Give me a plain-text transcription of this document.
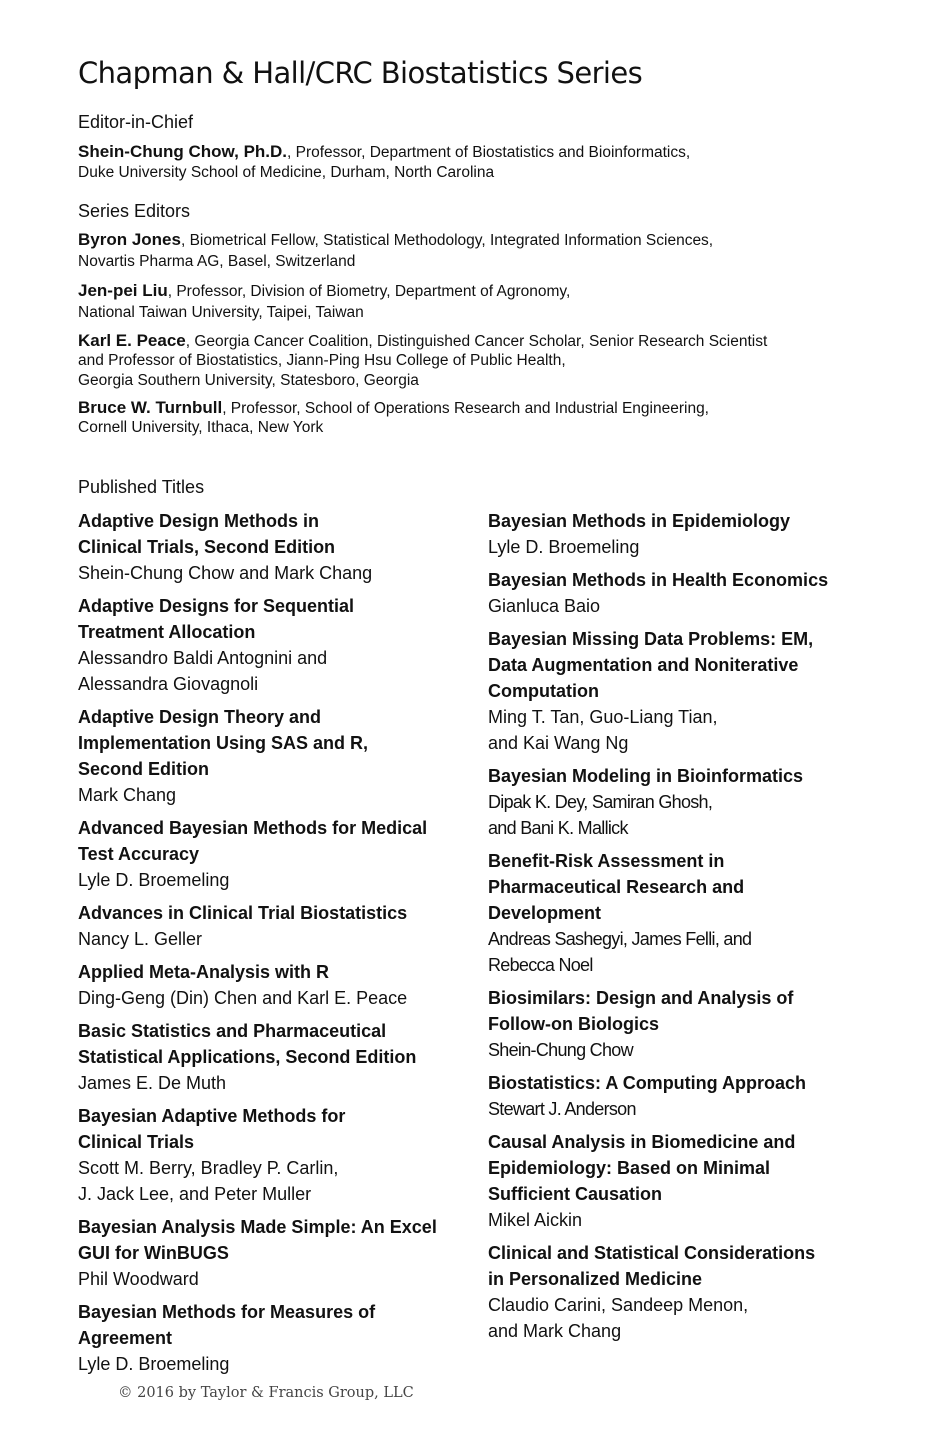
Chapman & Hall/CRC Biostatistics Series
Editor-in-Chief
Shein-Chung Chow, Ph.D., Professor, Department of Biostatistics and Bioinformatics,
Duke University School of Medicine, Durham, North Carolina
Series Editors
Byron Jones, Biometrical Fellow, Statistical Methodology, Integrated Information Sciences,
Novartis Pharma AG, Basel, Switzerland
Jen-pei Liu, Professor, Division of Biometry, Department of Agronomy,
National Taiwan University, Taipei, Taiwan
Karl E. Peace, Georgia Cancer Coalition, Distinguished Cancer Scholar, Senior Research Scientist
and Professor of Biostatistics, Jiann-Ping Hsu College of Public Health,
Georgia Southern University, Statesboro, Georgia
Bruce W. Turnbull, Professor, School of Operations Research and Industrial Engineering,
Cornell University, Ithaca, New York
Published Titles
Adaptive Design Methods in
Clinical Trials, Second Edition
Shein-Chung Chow and Mark Chang
Adaptive Designs for Sequential
Treatment Allocation
Alessandro Baldi Antognini and
Alessandra Giovagnoli
Adaptive Design Theory and
Implementation Using SAS and R,
Second Edition
Mark Chang
Advanced Bayesian Methods for Medical
Test Accuracy
Lyle D. Broemeling
Advances in Clinical Trial Biostatistics
Nancy L. Geller
Applied Meta-Analysis with R
Ding-Geng (Din) Chen and Karl E. Peace
Basic Statistics and Pharmaceutical
Statistical Applications, Second Edition
James E. De Muth
Bayesian Adaptive Methods for
Clinical Trials
Scott M. Berry, Bradley P. Carlin,
J. Jack Lee, and Peter Muller
Bayesian Analysis Made Simple: An Excel
GUI for WinBUGS
Phil Woodward
Bayesian Methods for Measures of
Agreement
Lyle D. Broemeling
Bayesian Methods in Epidemiology
Lyle D. Broemeling
Bayesian Methods in Health Economics
Gianluca Baio
Bayesian Missing Data Problems: EM,
Data Augmentation and Noniterative
Computation
Ming T. Tan, Guo-Liang Tian,
and Kai Wang Ng
Bayesian Modeling in Bioinformatics
Dipak K. Dey, Samiran Ghosh,
and Bani K. Mallick
Benefit-Risk Assessment in
Pharmaceutical Research and
Development
Andreas Sashegyi, James Felli, and
Rebecca Noel
Biosimilars: Design and Analysis of
Follow-on Biologics
Shein-Chung Chow
Biostatistics: A Computing Approach
Stewart J. Anderson
Causal Analysis in Biomedicine and
Epidemiology: Based on Minimal
Sufficient Causation
Mikel Aickin
Clinical and Statistical Considerations
in Personalized Medicine
Claudio Carini, Sandeep Menon,
and Mark Chang
© 2016 by Taylor & Francis Group, LLC
